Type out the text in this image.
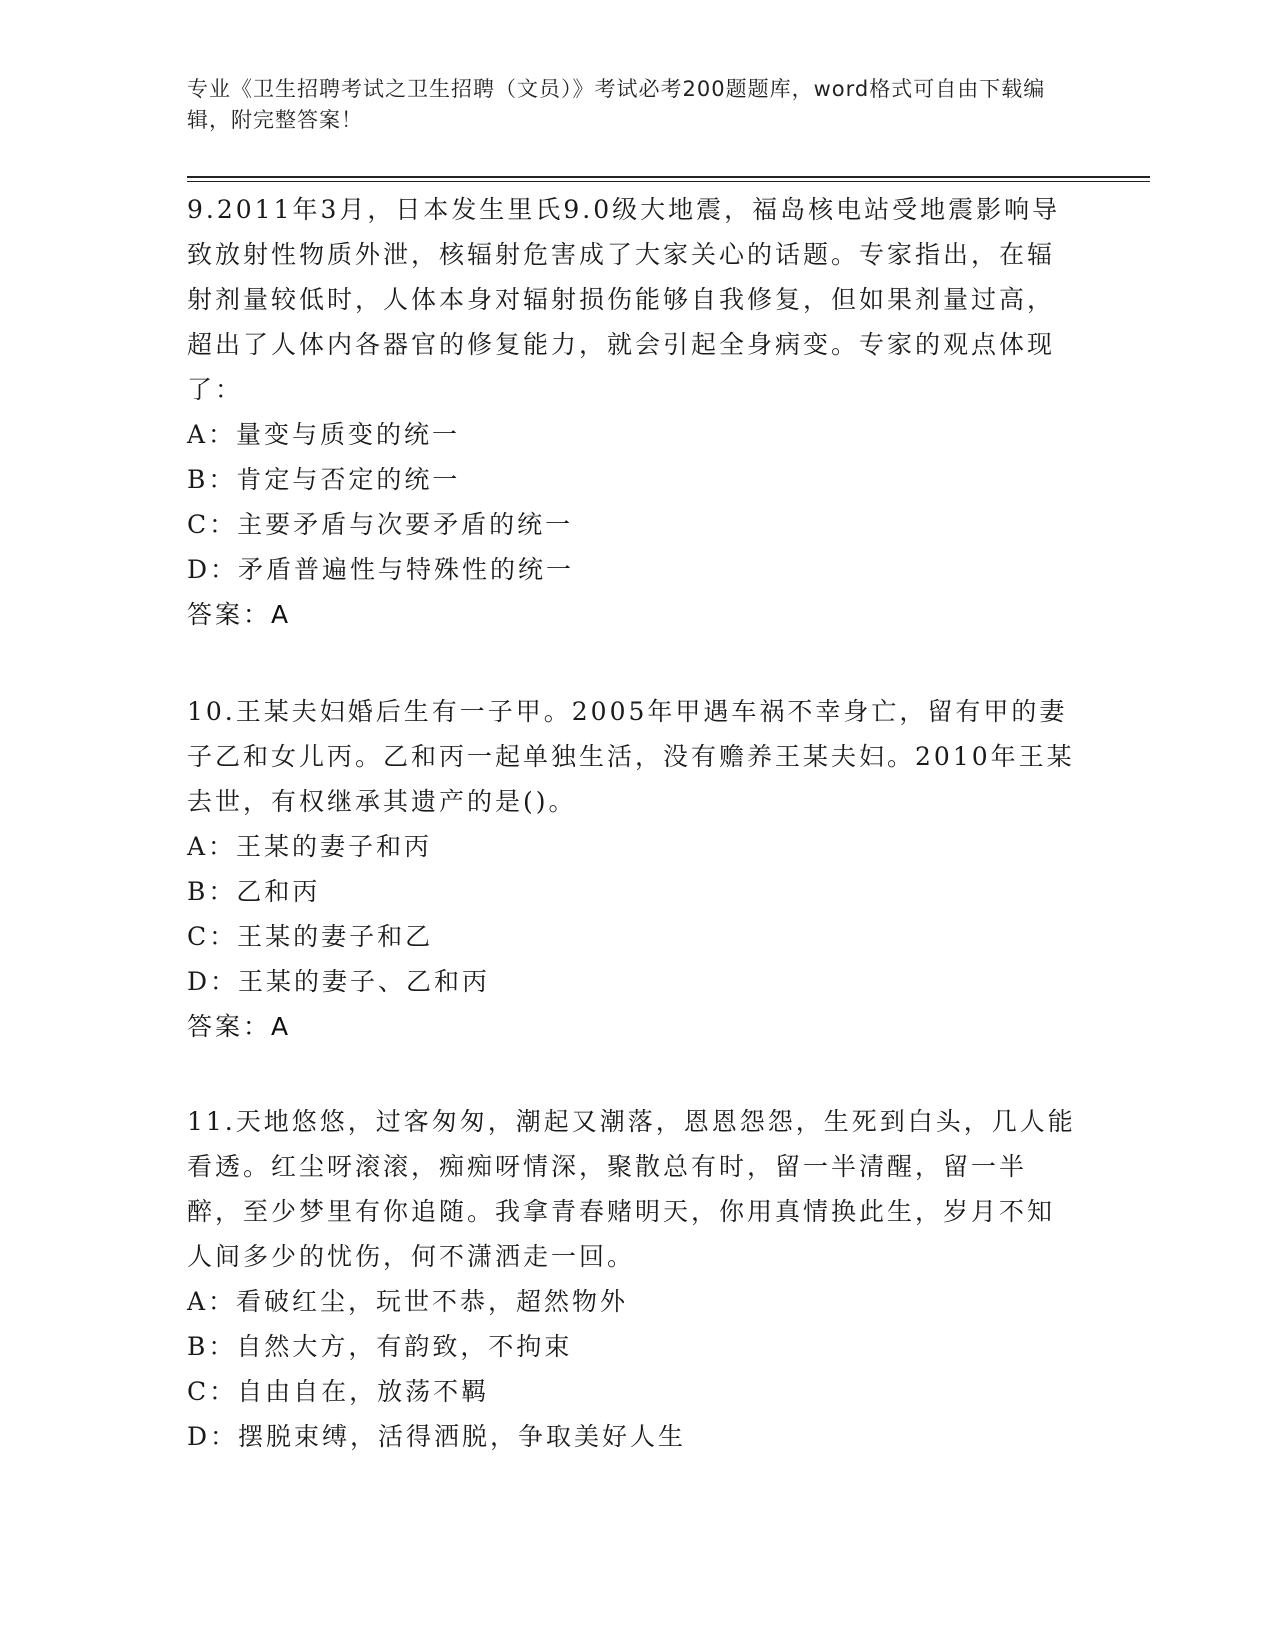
专业《卫生招聘考试之卫生招聘（文员）》考试必考200题题库，word格式可自由下载编辑，附完整答案！

9.2011年3月，日本发生里氏9.0级大地震，福岛核电站受地震影响导致放射性物质外泄，核辐射危害成了大家关心的话题。专家指出，在辐射剂量较低时，人体本身对辐射损伤能够自我修复，但如果剂量过高，超出了人体内各器官的修复能力，就会引起全身病变。专家的观点体现了：

A：量变与质变的统一

B：肯定与否定的统一

C：主要矛盾与次要矛盾的统一

D：矛盾普遍性与特殊性的统一

答案：A

10.王某夫妇婚后生有一子甲。2005年甲遇车祸不幸身亡，留有甲的妻子乙和女儿丙。乙和丙一起单独生活，没有赡养王某夫妇。2010年王某去世，有权继承其遗产的是()。

A：王某的妻子和丙

B：乙和丙

C：王某的妻子和乙

D：王某的妻子、乙和丙

答案：A

11.天地悠悠，过客匆匆，潮起又潮落，恩恩怨怨，生死到白头，几人能看透。红尘呀滚滚，痴痴呀情深，聚散总有时，留一半清醒，留一半醉，至少梦里有你追随。我拿青春赌明天，你用真情换此生，岁月不知人间多少的忧伤，何不潇洒走一回。

A：看破红尘，玩世不恭，超然物外

B：自然大方，有韵致，不拘束

C：自由自在，放荡不羁

D：摆脱束缚，活得洒脱，争取美好人生
